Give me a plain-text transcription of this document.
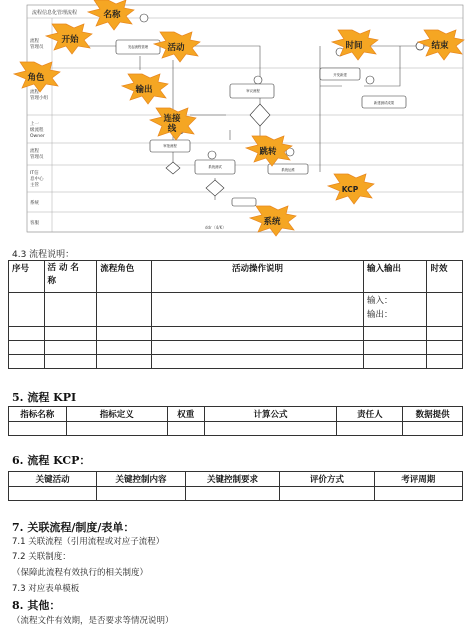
流程信息化管理流程
流程
管理员
流程
管理小组
上一
级流程
Owner
流程
管理员
IT信
息中心
主管
系统
客服
发起流程管理
审议流程
审批流程
系统测试
系统运维
开发新建
新建测试成果
名称
开始
活动
角色
输出
连接
线
跳转
时间	结束
KCP
系统
ddr（4/K）
4.3 流程说明：
序号	活 动 名
称	流程角色	活动操作说明	输入输出	时效
				输入：
输出：	

5. 流程 KPI
指标名称	指标定义	权重	计算公式	责任人	数据提供

6. 流程 KCP：
关键活动	关键控制内容	关键控制要求	评价方式	考评周期

7. 关联流程/制度/表单：
7.1 关联流程（引用流程或对应子流程）
7.2 关联制度：
（保障此流程有效执行的相关制度）
7.3 对应表单模板
8. 其他：
（流程文件有效期，是否要求等情况说明）
